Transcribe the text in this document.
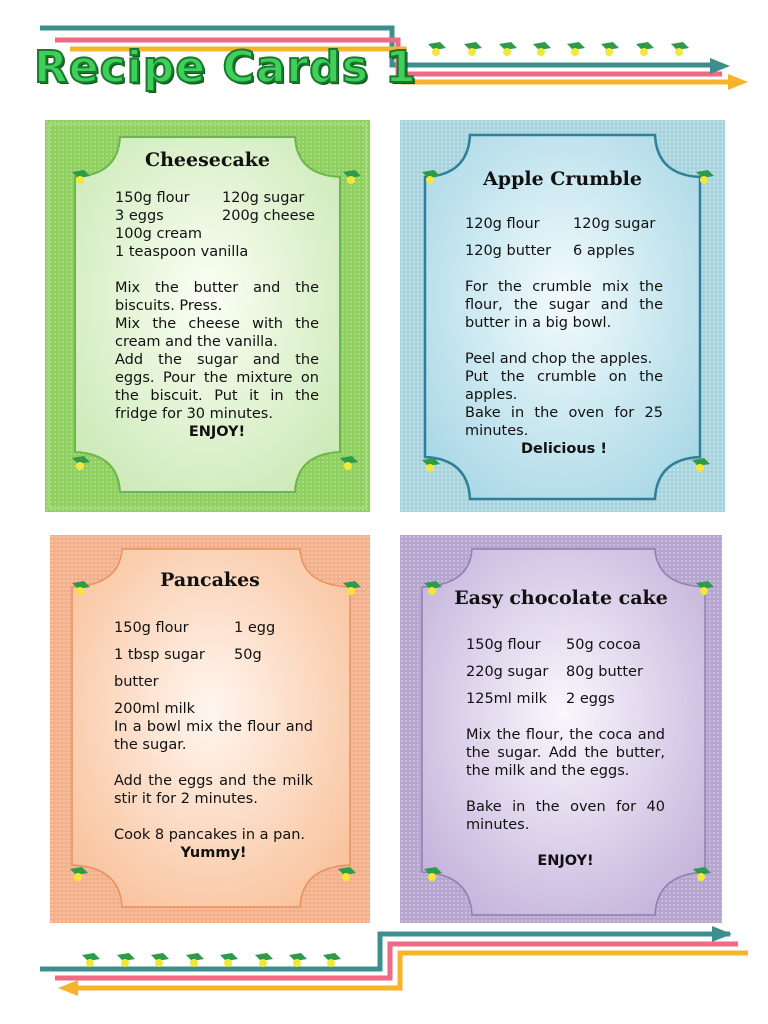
Recipe Cards 1
Cheesecake
150g flour	120g sugar
3 eggs	200g cheese
100g cream
1 teaspoon vanilla

Mix the butter and the biscuits. Press.

Mix the cheese with the cream and the vanilla.

Add the sugar and the eggs. Pour the mixture on the biscuit. Put it in the fridge for 30 minutes.

ENJOY!

Apple Crumble
120g flour	120g sugar
120g butter	6 apples

For the crumble mix the flour, the sugar and the butter in a big bowl.

Peel and chop the apples.

Put the crumble on the apples.

Bake in the oven for 25 minutes.

Delicious !

Pancakes
150g flour	1 egg
1 tbsp sugar	50g
butter
200ml milk

In a bowl mix the flour and the sugar.

Add the eggs and the milk stir it for 2 minutes.

Cook 8 pancakes in a pan.

Yummy!

Easy chocolate cake
150g flour	50g cocoa
220g sugar	80g butter
125ml milk	2 eggs

Mix the flour, the coca and the sugar. Add the butter, the milk and the eggs.

Bake in the oven for 40 minutes.

ENJOY!
